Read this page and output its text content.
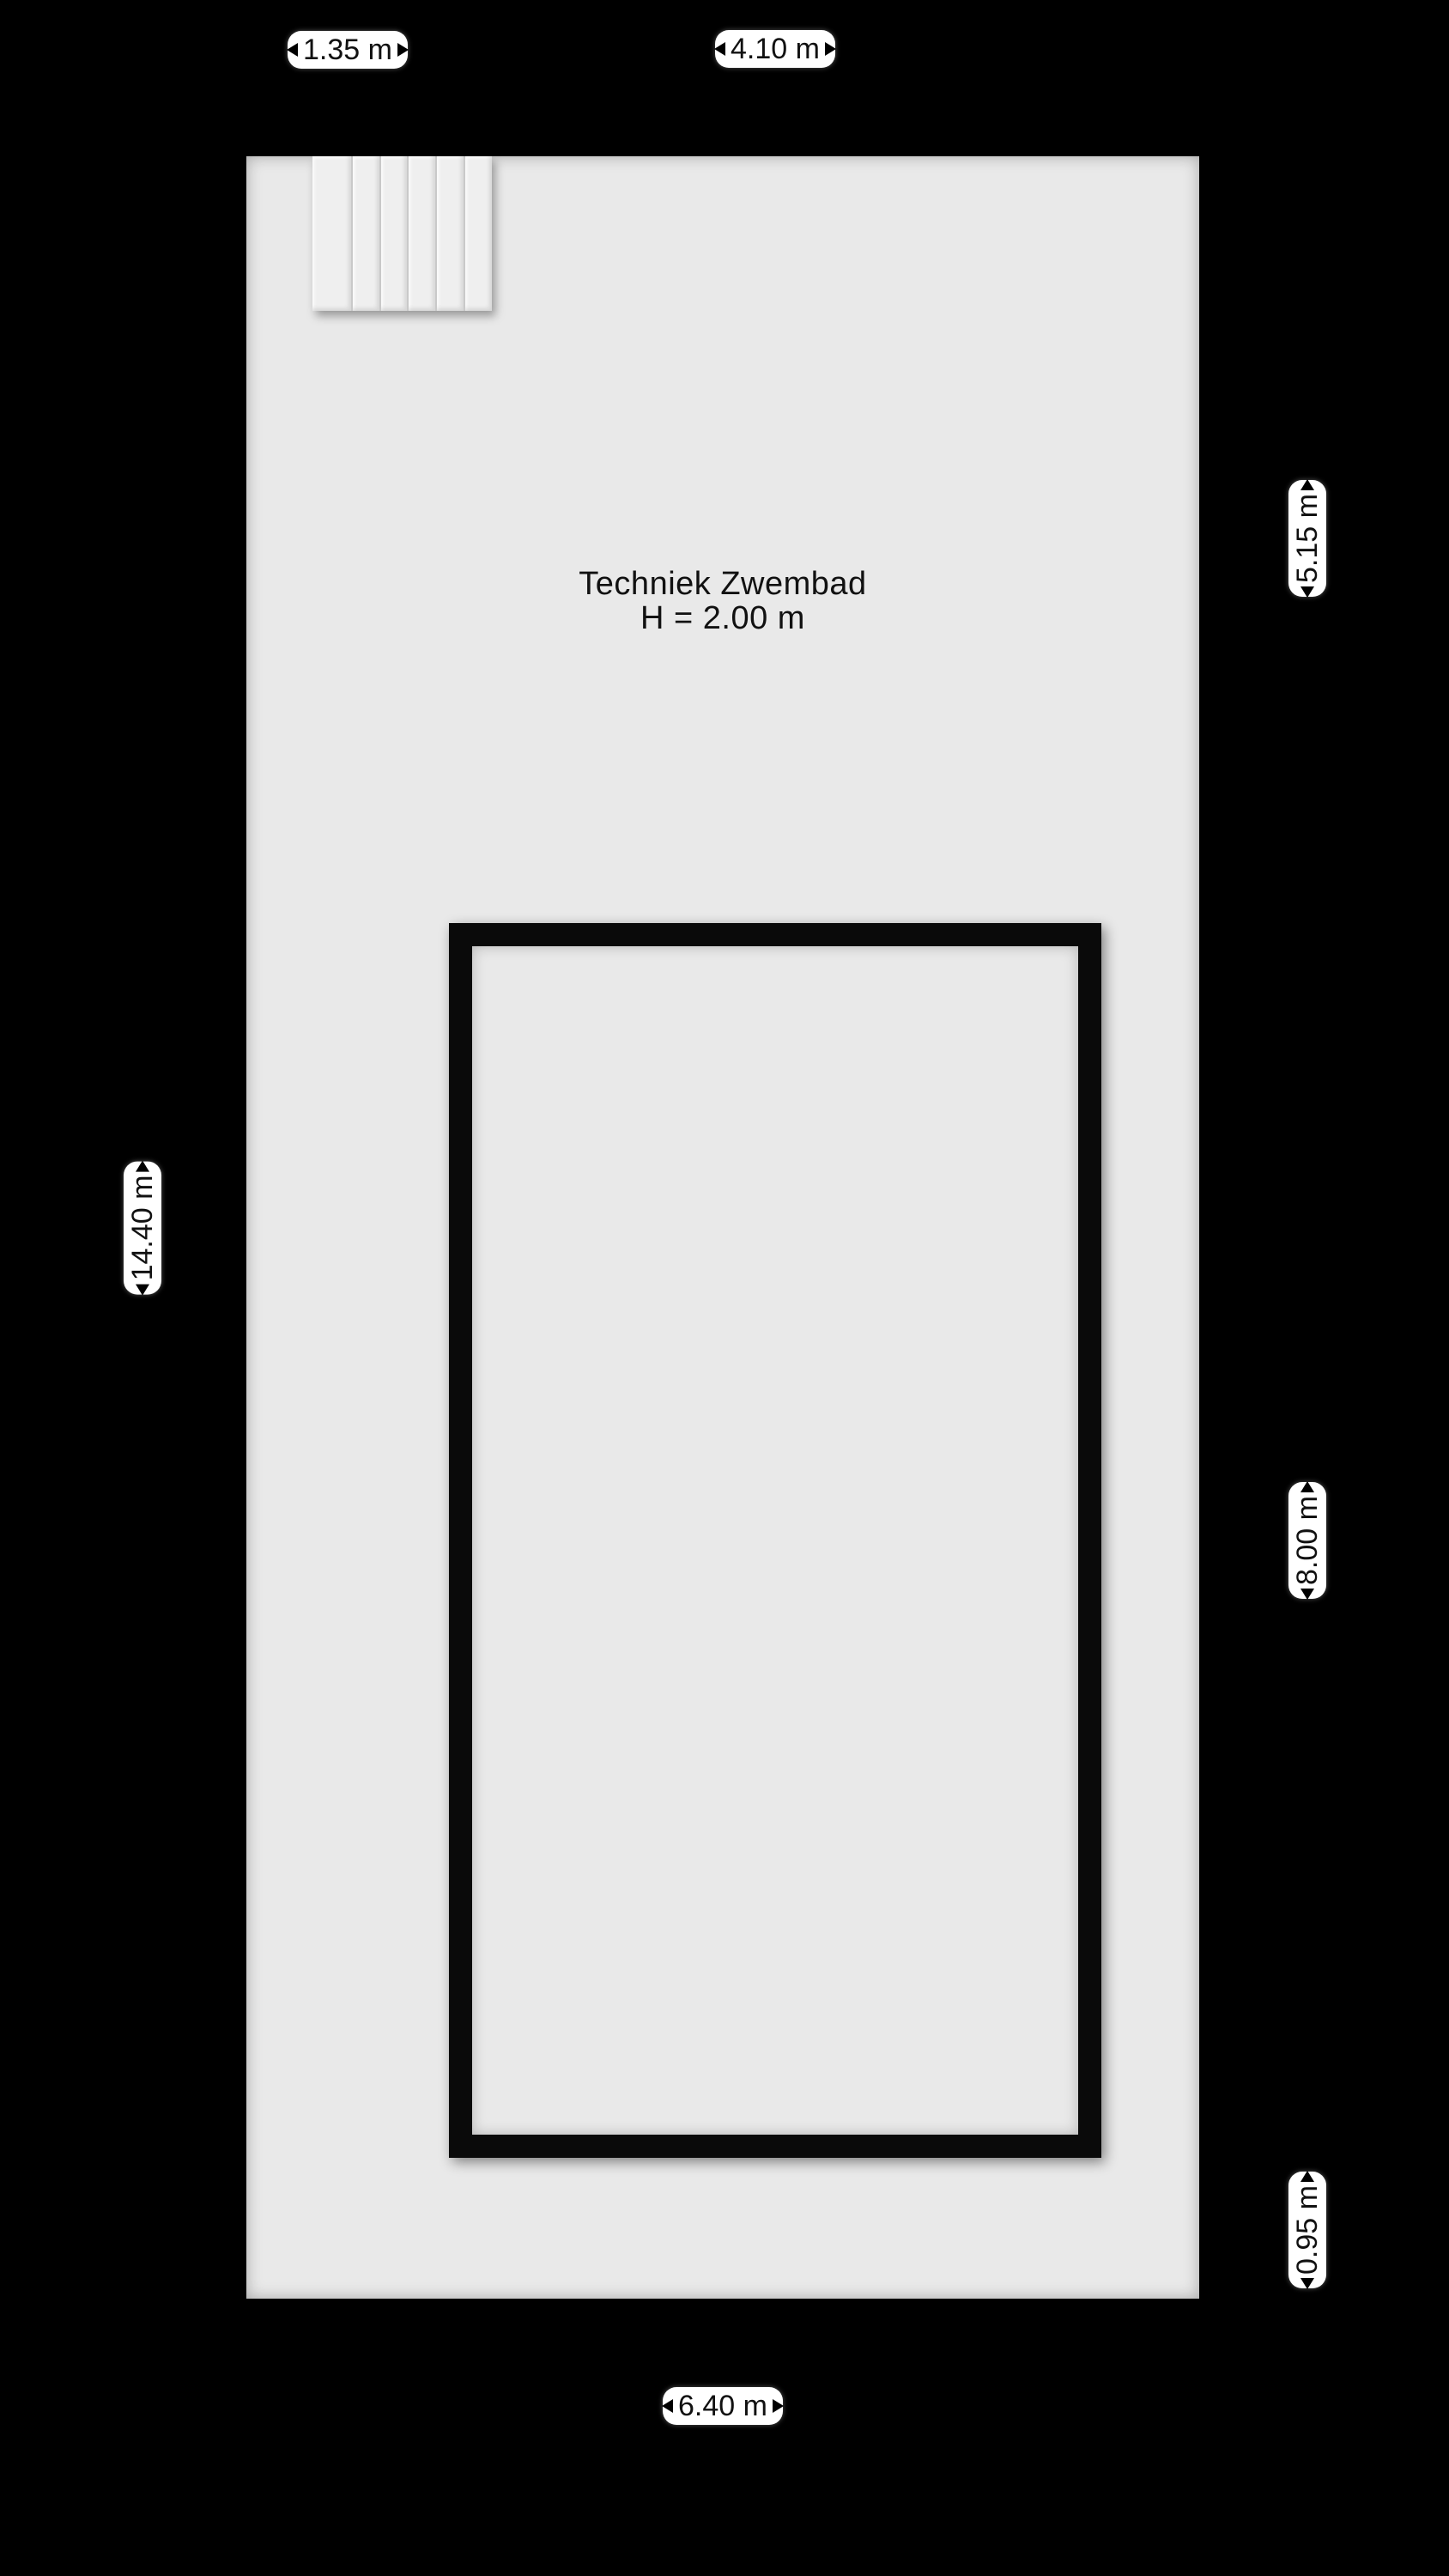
Techniek Zwembad
H = 2.00 m
1.35 m	4.10 m
5.15 m
14.40 m
8.00 m
0.95 m
6.40 m
